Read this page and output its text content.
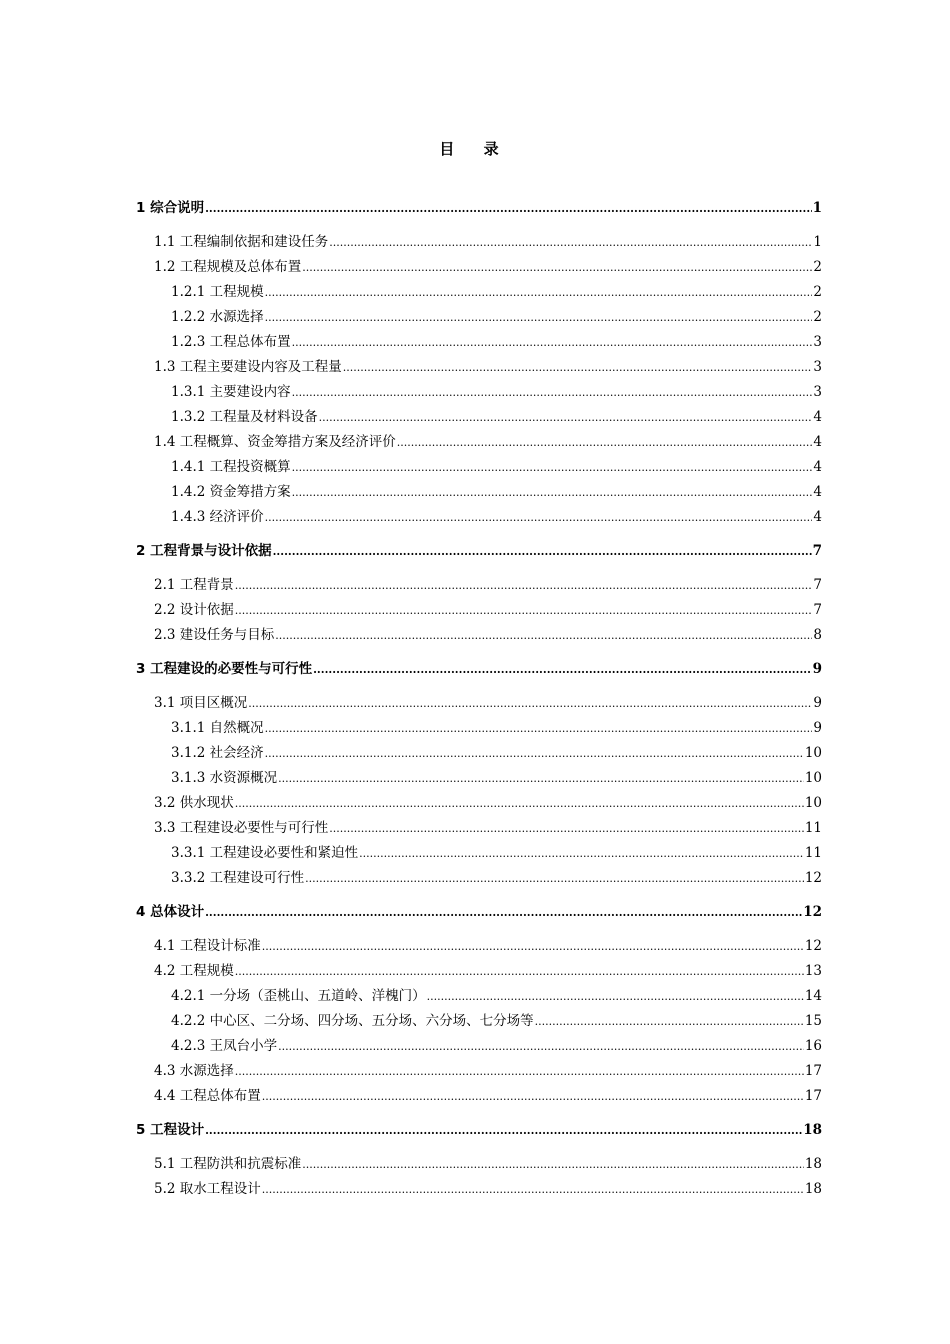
目 录
1 综合说明 .....	1
1.1 工程编制依据和建设任务 .....	1
1.2 工程规模及总体布置 .....	2
1.2.1 工程规模 .....	2
1.2.2 水源选择 .....	2
1.2.3 工程总体布置 .....	3
1.3 工程主要建设内容及工程量 .....	3
1.3.1 主要建设内容 .....	3
1.3.2 工程量及材料设备 .....	4
1.4 工程概算、资金筹措方案及经济评价 .....	4
1.4.1 工程投资概算 .....	4
1.4.2 资金筹措方案 .....	4
1.4.3 经济评价 .....	4
2 工程背景与设计依据 .....	7
2.1 工程背景 .....	7
2.2 设计依据 .....	7
2.3 建设任务与目标 .....	8
3 工程建设的必要性与可行性 .....	9
3.1 项目区概况 .....	9
3.1.1 自然概况 .....	9
3.1.2 社会经济 .....	10
3.1.3 水资源概况 .....	10
3.2 供水现状 .....	10
3.3 工程建设必要性与可行性 .....	11
3.3.1 工程建设必要性和紧迫性 .....	11
3.3.2 工程建设可行性 .....	12
4 总体设计 .....	12
4.1 工程设计标准 .....	12
4.2 工程规模 .....	13
4.2.1 一分场（歪桃山、五道岭、洋槐门） .....	14
4.2.2 中心区、二分场、四分场、五分场、六分场、七分场等 .....	15
4.2.3 王凤台小学 .....	16
4.3 水源选择 .....	17
4.4 工程总体布置 .....	17
5 工程设计 .....	18
5.1 工程防洪和抗震标准 .....	18
5.2 取水工程设计 .....	18
